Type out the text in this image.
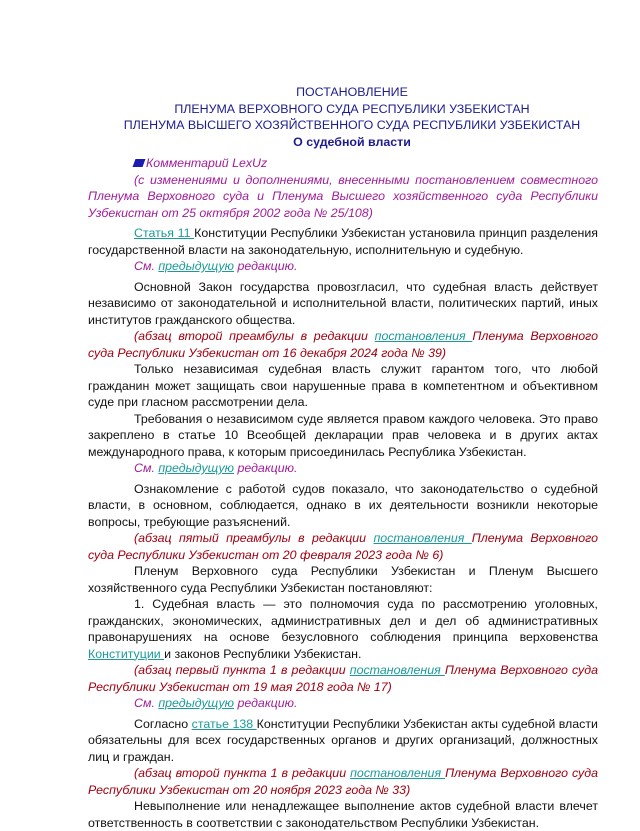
ПОСТАНОВЛЕНИЕ
ПЛЕНУМА ВЕРХОВНОГО СУДА РЕСПУБЛИКИ УЗБЕКИСТАН
ПЛЕНУМА ВЫСШЕГО ХОЗЯЙСТВЕННОГО СУДА РЕСПУБЛИКИ УЗБЕКИСТАН
О судебной власти

Комментарий LexUz

(с изменениями и дополнениями, внесенными постановлением совместного Пленума Верховного суда и Пленума Высшего хозяйственного суда Республики Узбекистан от 25 октября 2002 года № 25/108)

Статья 11 Конституции Республики Узбекистан установила принцип разделения государственной власти на законодательную, исполнительную и судебную.

См. предыдущую редакцию.

Основной Закон государства провозгласил, что судебная власть действует независимо от законодательной и исполнительной власти, политических партий, иных институтов гражданского общества.

(абзац второй преамбулы в редакции постановления Пленума Верховного суда Республики Узбекистан от 16 декабря 2024 года № 39)

Только независимая судебная власть служит гарантом того, что любой гражданин может защищать свои нарушенные права в компетентном и объективном суде при гласном рассмотрении дела.

Требования о независимом суде является правом каждого человека. Это право закреплено в статье 10 Всеобщей декларации прав человека и в других актах международного права, к которым присоединилась Республика Узбекистан.

См. предыдущую редакцию.

Ознакомление с работой судов показало, что законодательство о судебной власти, в основном, соблюдается, однако в их деятельности возникли некоторые вопросы, требующие разъяснений.

(абзац пятый преамбулы в редакции постановления Пленума Верховного суда Республики Узбекистан от 20 февраля 2023 года № 6)

Пленум Верховного суда Республики Узбекистан и Пленум Высшего хозяйственного суда Республики Узбекистан постановляют:

1. Судебная власть — это полномочия суда по рассмотрению уголовных, гражданских, экономических, административных дел и дел об административных правонарушениях на основе безусловного соблюдения принципа верховенства Конституции и законов Республики Узбекистан.

(абзац первый пункта 1 в редакции постановления Пленума Верховного суда Республики Узбекистан от 19 мая 2018 года № 17)

См. предыдущую редакцию.

Согласно статье 138 Конституции Республики Узбекистан акты судебной власти обязательны для всех государственных органов и других организаций, должностных лиц и граждан.

(абзац второй пункта 1 в редакции постановления Пленума Верховного суда Республики Узбекистан от 20 ноября 2023 года № 33)

Невыполнение или ненадлежащее выполнение актов судебной власти влечет ответственность в соответствии с законодательством Республики Узбекистан.
